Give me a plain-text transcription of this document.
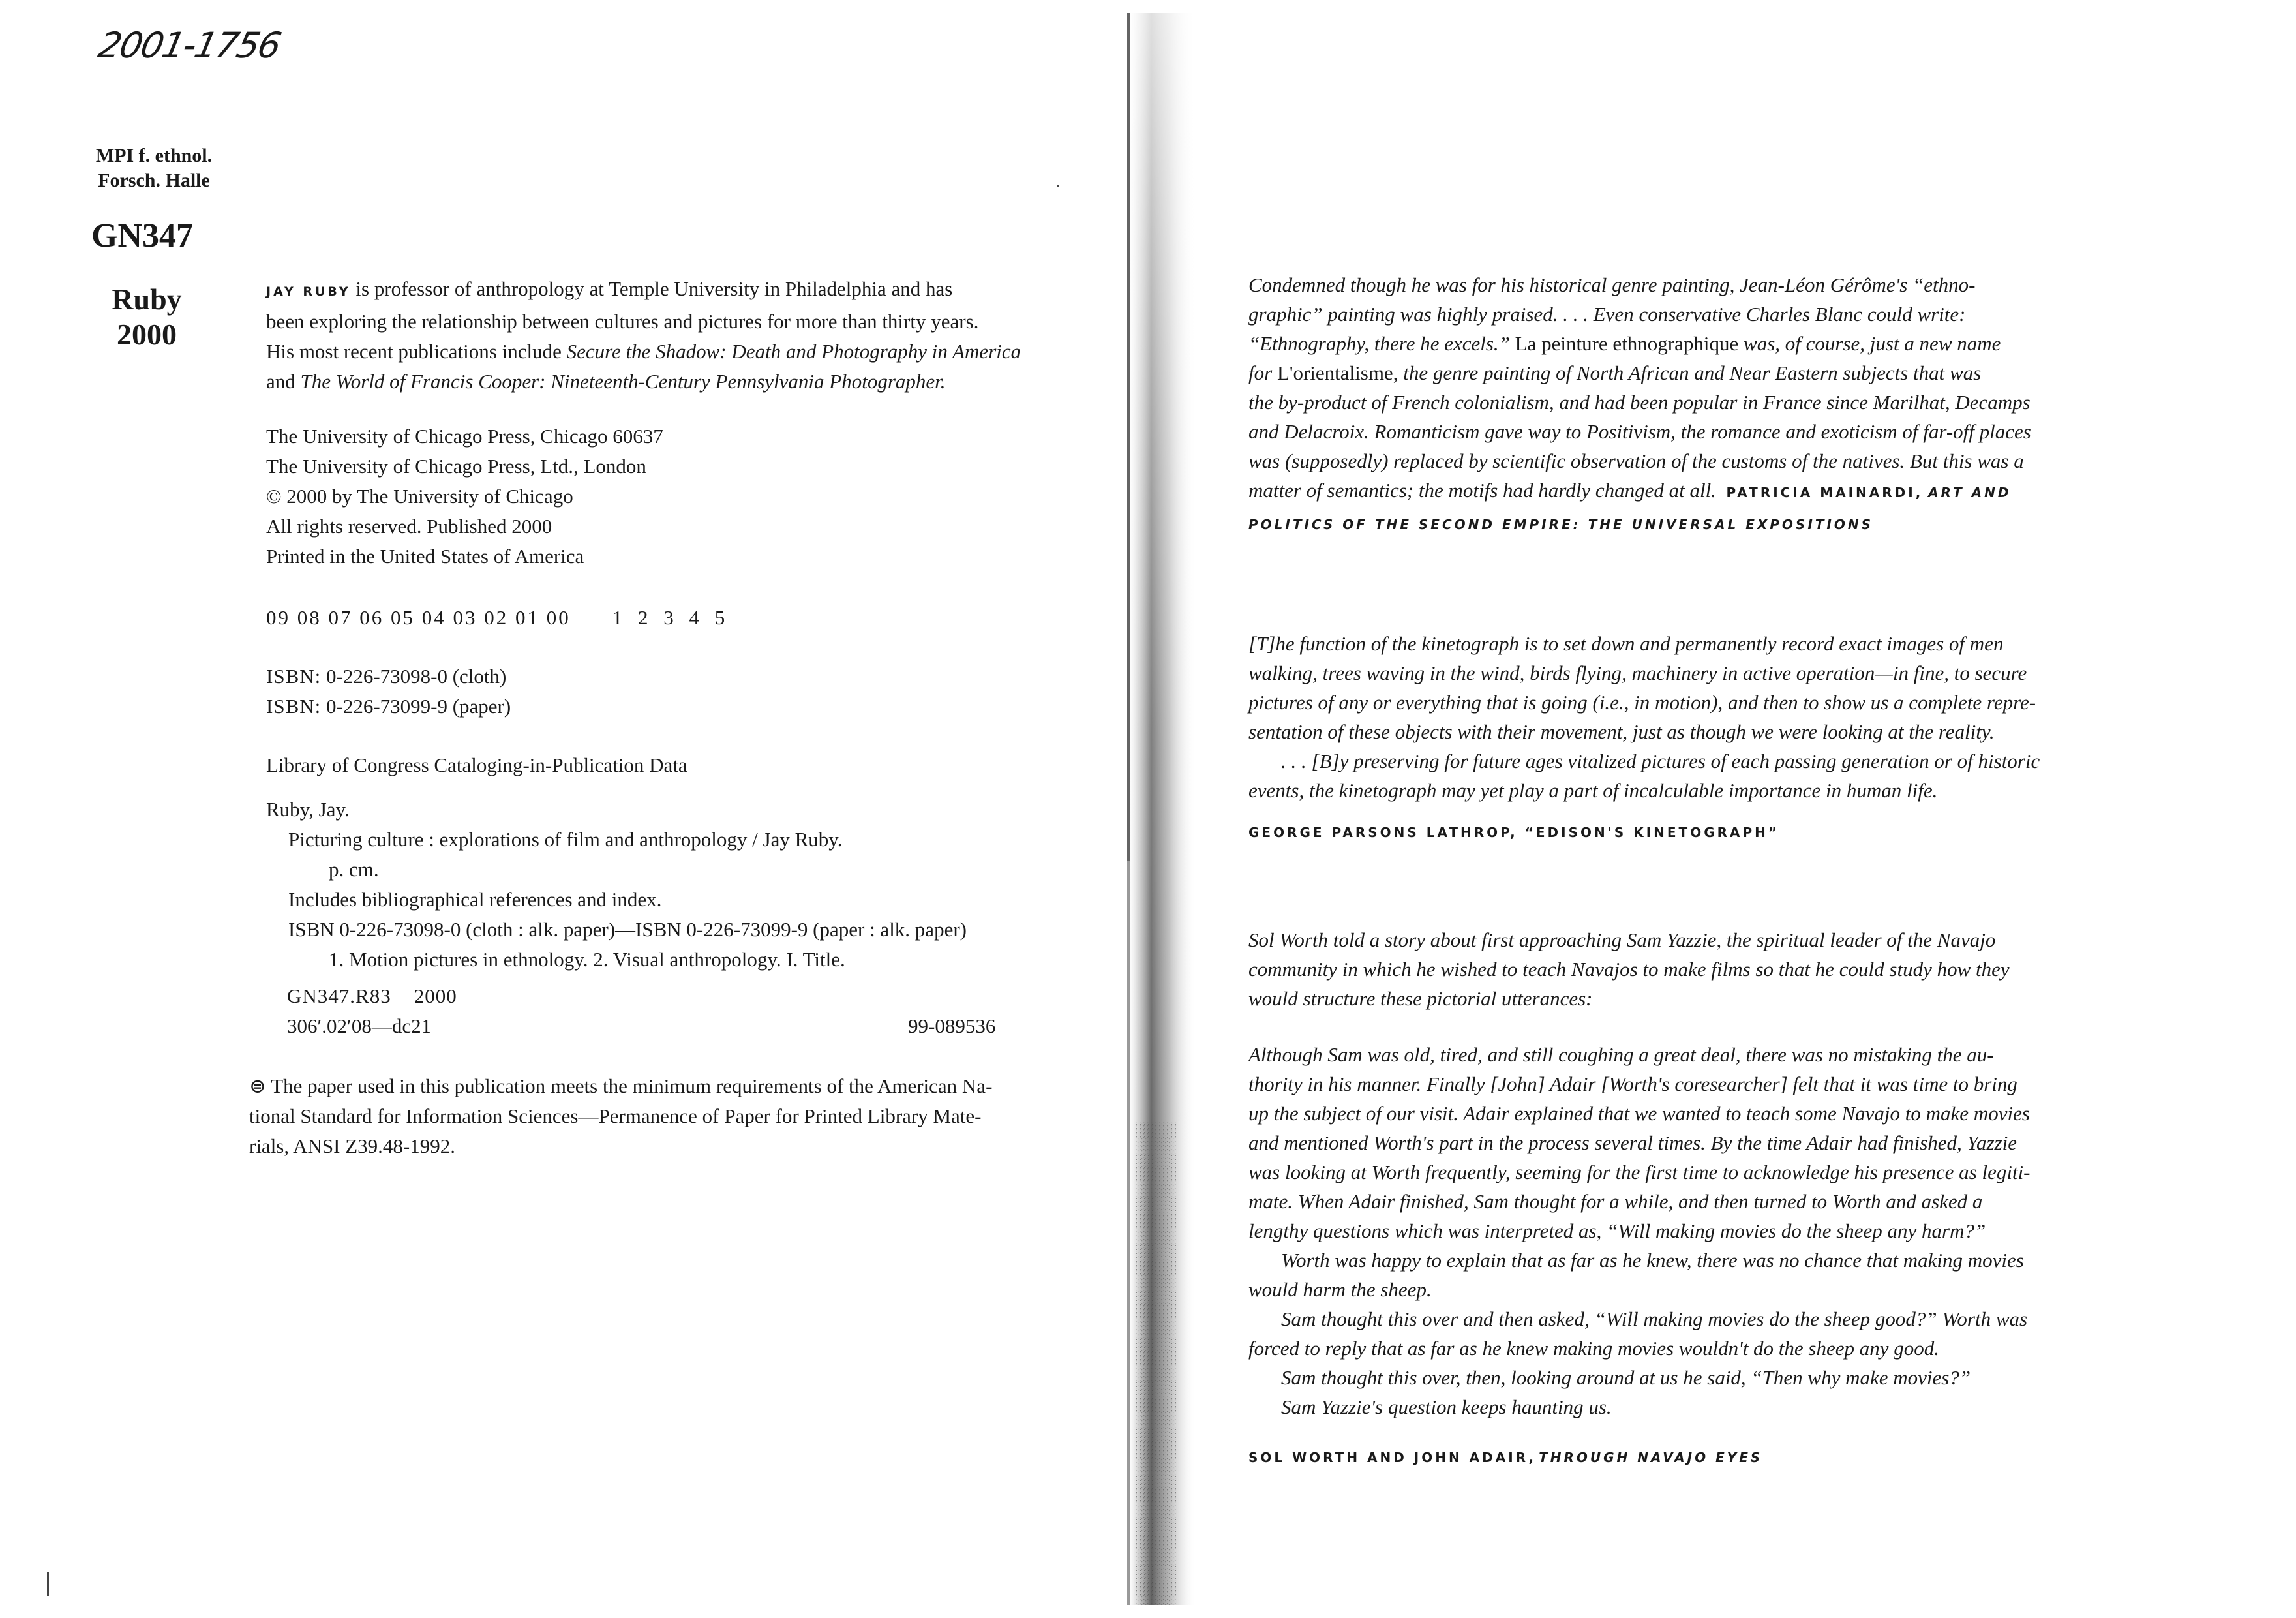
2001-1756
MPI f. ethnol.
Forsch. Halle
GN347
Ruby
2000
JAY RUBY is professor of anthropology at Temple University in Philadelphia and has
been exploring the relationship between cultures and pictures for more than thirty years.
His most recent publications include Secure the Shadow: Death and Photography in America
and The World of Francis Cooper: Nineteenth-Century Pennsylvania Photographer.
The University of Chicago Press, Chicago 60637
The University of Chicago Press, Ltd., London
© 2000 by The University of Chicago
All rights reserved. Published 2000
Printed in the United States of America
09 08 07 06 05 04 03 02 01 00 1 2 3 4 5
ISBN: 0-226-73098-0 (cloth)
ISBN: 0-226-73099-9 (paper)
Library of Congress Cataloging-in-Publication Data
Ruby, Jay.
Picturing culture : explorations of film and anthropology / Jay Ruby.
p. cm.
Includes bibliographical references and index.
ISBN 0-226-73098-0 (cloth : alk. paper)—ISBN 0-226-73099-9 (paper : alk. paper)
1. Motion pictures in ethnology. 2. Visual anthropology. I. Title.
GN347.R83    2000
306′.02′08—dc21	99-089536
⊜ The paper used in this publication meets the minimum requirements of the American Na-
tional Standard for Information Sciences—Permanence of Paper for Printed Library Mate-
rials, ANSI Z39.48-1992.
Condemned though he was for his historical genre painting, Jean-Léon Gérôme's “ethno-
graphic” painting was highly praised. . . . Even conservative Charles Blanc could write:
“Ethnography, there he excels.” La peinture ethnographique was, of course, just a new name
for L'orientalisme, the genre painting of North African and Near Eastern subjects that was
the by-product of French colonialism, and had been popular in France since Marilhat, Decamps
and Delacroix. Romanticism gave way to Positivism, the romance and exoticism of far-off places
was (supposedly) replaced by scientific observation of the customs of the natives. But this was a
matter of semantics; the motifs had hardly changed at all. PATRICIA MAINARDI, ART AND
POLITICS OF THE SECOND EMPIRE: THE UNIVERSAL EXPOSITIONS
[T]he function of the kinetograph is to set down and permanently record exact images of men
walking, trees waving in the wind, birds flying, machinery in active operation—in fine, to secure
pictures of any or everything that is going (i.e., in motion), and then to show us a complete repre-
sentation of these objects with their movement, just as though we were looking at the reality.
. . . [B]y preserving for future ages vitalized pictures of each passing generation or of historic
events, the kinetograph may yet play a part of incalculable importance in human life.
GEORGE PARSONS LATHROP, “EDISON'S KINETOGRAPH”
Sol Worth told a story about first approaching Sam Yazzie, the spiritual leader of the Navajo
community in which he wished to teach Navajos to make films so that he could study how they
would structure these pictorial utterances:
Although Sam was old, tired, and still coughing a great deal, there was no mistaking the au-
thority in his manner. Finally [John] Adair [Worth's coresearcher] felt that it was time to bring
up the subject of our visit. Adair explained that we wanted to teach some Navajo to make movies
and mentioned Worth's part in the process several times. By the time Adair had finished, Yazzie
was looking at Worth frequently, seeming for the first time to acknowledge his presence as legiti-
mate. When Adair finished, Sam thought for a while, and then turned to Worth and asked a
lengthy questions which was interpreted as, “Will making movies do the sheep any harm?”
Worth was happy to explain that as far as he knew, there was no chance that making movies
would harm the sheep.
Sam thought this over and then asked, “Will making movies do the sheep good?” Worth was
forced to reply that as far as he knew making movies wouldn't do the sheep any good.
Sam thought this over, then, looking around at us he said, “Then why make movies?”
Sam Yazzie's question keeps haunting us.
SOL WORTH AND JOHN ADAIR, THROUGH NAVAJO EYES
